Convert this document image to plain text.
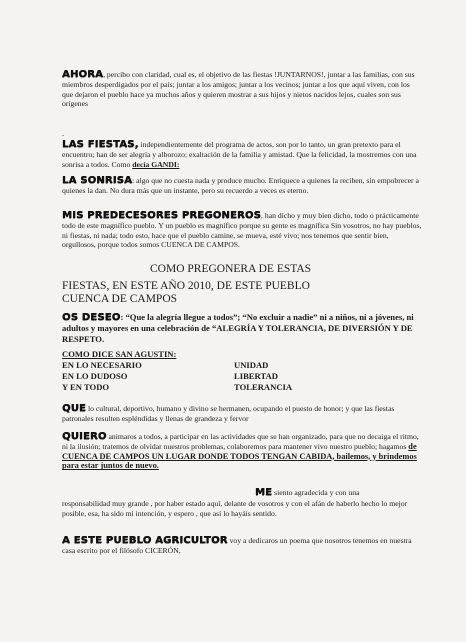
AHORA, percibo con claridad, cual es, el objetivo de las fiestas !JUNTARNOS!, juntar a las familias, con sus miembros desperdigados por el país; juntar a los amigos; juntar a los vecinos; juntar a los que aquí viven, con los que dejaron el pueblo hace ya muchos años y quieren mostrar a sus hijos y nietos nacidos lejos, cuales son sus orígenes
.
LAS FIESTAS, independientemente del programa de actos, son por lo tanto, un gran pretexto para el encuentro; han de ser alegría y alborozo; exaltación de la familia y amistad. Que la felicidad, la mostremos con una sonrisa a todos. Como decía GANDI:
LA SONRISA: algo que no cuesta nada y produce mucho. Enriquece a quienes la reciben, sin empobrecer a quienes la dan. No dura más que un instante, pero su recuerdo a veces es eterno.
MIS PREDECESORES PREGONEROS, han dicho y muy bien dicho, todo o prácticamente todo de este magnífico pueblo. Y un pueblo es magnífico porque su gente es magnífica Sin vosotros, no hay pueblos, ni fiestas, ni nada; todo esto, hace que el pueblo camine, se mueva, esté vivo; nos tenemos que sentir bien, orgullosos, porque todos somos CUENCA DE CAMPOS.
COMO PREGONERA DE ESTAS
FIESTAS, EN ESTE AÑO 2010, DE ESTE PUEBLO
CUENCA DE CAMPOS
OS DESEO: “Que la alegría llegue a todos”; “No excluir a nadie” ni a niños, ni a jóvenes, ni adultos y mayores en una celebración de “ALEGRÍA Y TOLERANCIA, DE DIVERSIÓN Y DE RESPETO.
COMO DICE SAN AGUSTIN:
EN LO NECESARIO	UNIDAD
EN LO DUDOSO	LIBERTAD
Y EN TODO	TOLERANCIA
QUE lo cultural, deportivo, humano y divino se hermanen, ocupando el puesto de honor; y que las fiestas patronales resulten espléndidas y llenas de grandeza y fervor
QUIERO animaros a todos, a participar en las actividades que se han organizado, para que no decaiga el ritmo, ni la ilusión; tratemos de olvidar nuestros problemas, colaboremos para mantener vivo nuestro pueblo; hagamos de CUENCA DE CAMPOS UN LUGAR DONDE TODOS TENGAN CABIDA, bailemos, y brindemos para estar juntos de nuevo.
ME siento agradecida y con una
responsabilidad muy grande , por haber estado aquí, delante de vosotros y con el afán de haberlo hecho lo mejor posible, esa, ha sido mi intención, y espero , que así lo hayáis sentido.
A ESTE PUEBLO AGRICULTOR voy a dedicaros un poema que nosotros tenemos en nuestra casa escrito por el filósofo CICERÓN,
